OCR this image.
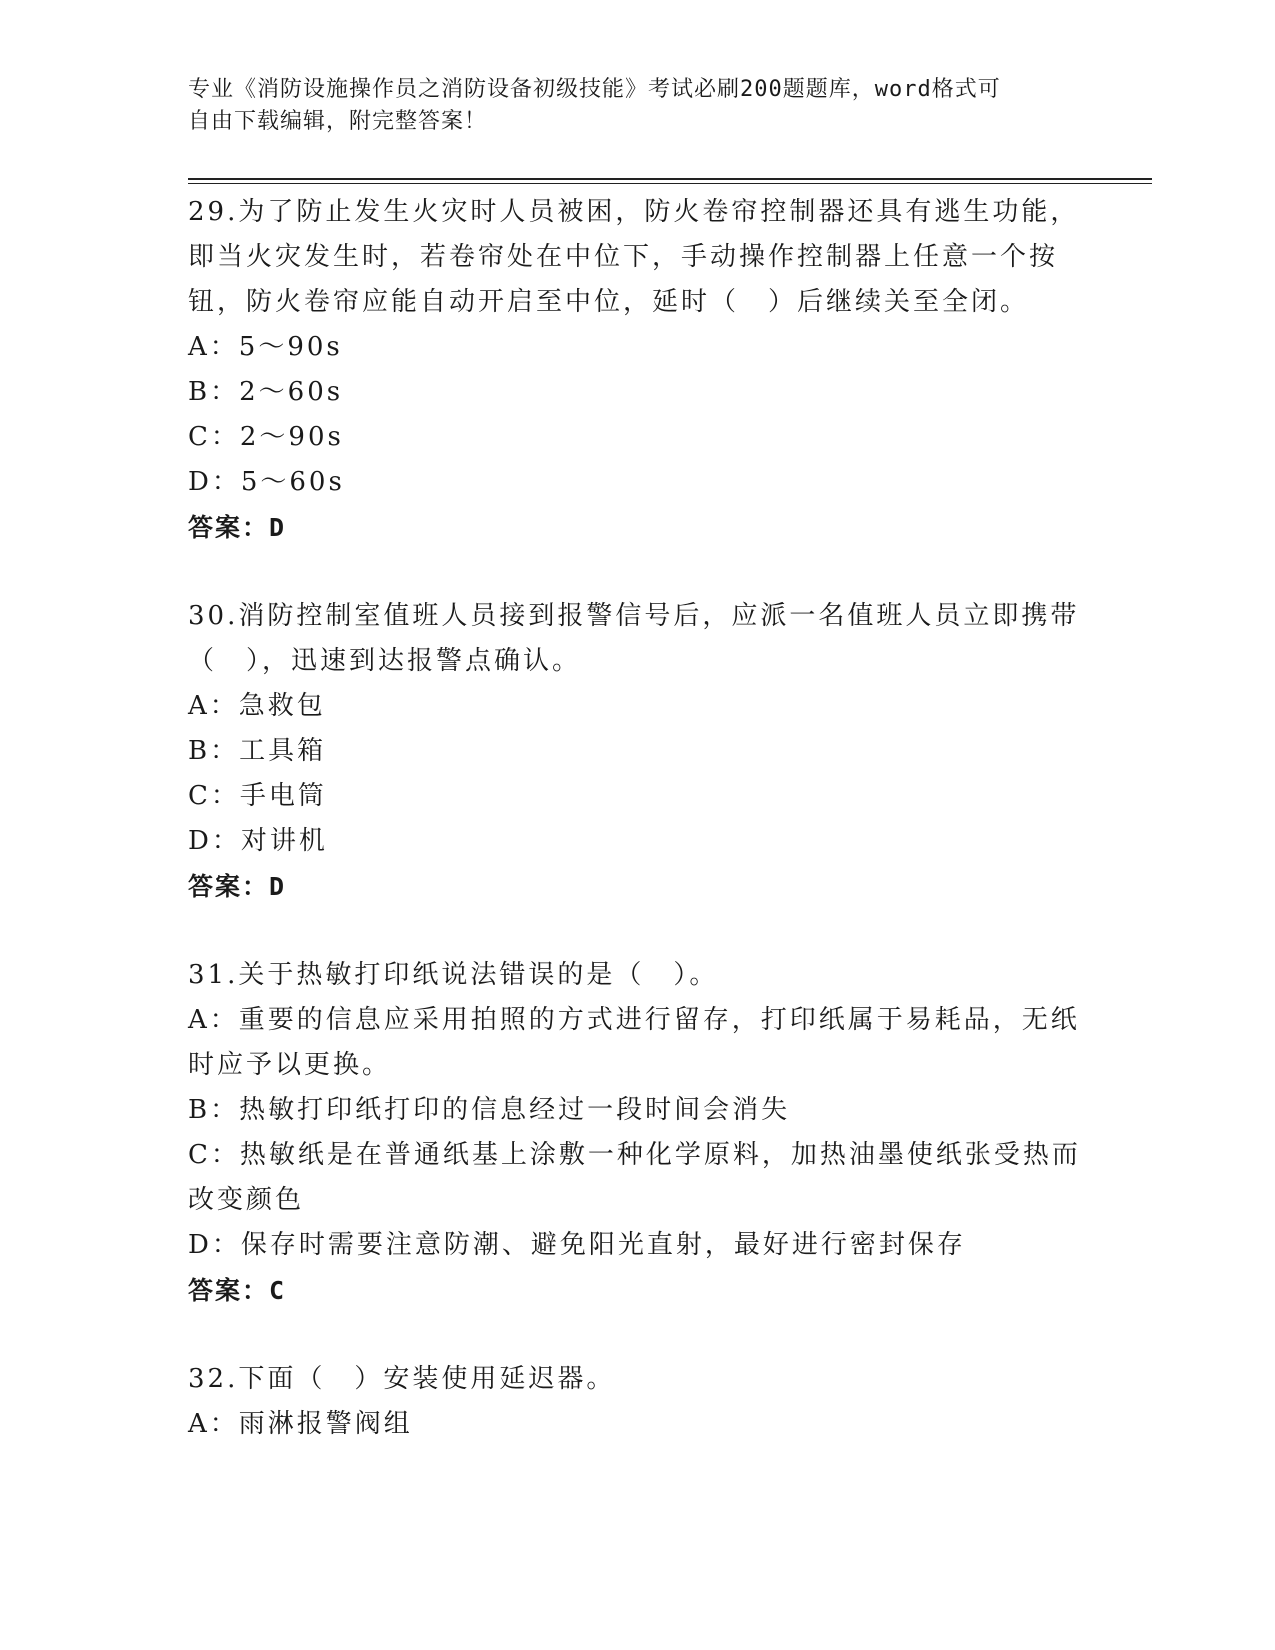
专业《消防设施操作员之消防设备初级技能》考试必刷200题题库，word格式可
自由下载编辑，附完整答案！
29.为了防止发生火灾时人员被困，防火卷帘控制器还具有逃生功能，
即当火灾发生时，若卷帘处在中位下，手动操作控制器上任意一个按
钮，防火卷帘应能自动开启至中位，延时（　）后继续关至全闭。
A：5～90s
B：2～60s
C：2～90s
D：5～60s
答案：D
30.消防控制室值班人员接到报警信号后，应派一名值班人员立即携带
（　），迅速到达报警点确认。
A：急救包
B：工具箱
C：手电筒
D：对讲机
答案：D
31.关于热敏打印纸说法错误的是（　）。
A：重要的信息应采用拍照的方式进行留存，打印纸属于易耗品，无纸
时应予以更换。
B：热敏打印纸打印的信息经过一段时间会消失
C：热敏纸是在普通纸基上涂敷一种化学原料，加热油墨使纸张受热而
改变颜色
D：保存时需要注意防潮、避免阳光直射，最好进行密封保存
答案：C
32.下面（　）安装使用延迟器。
A：雨淋报警阀组
